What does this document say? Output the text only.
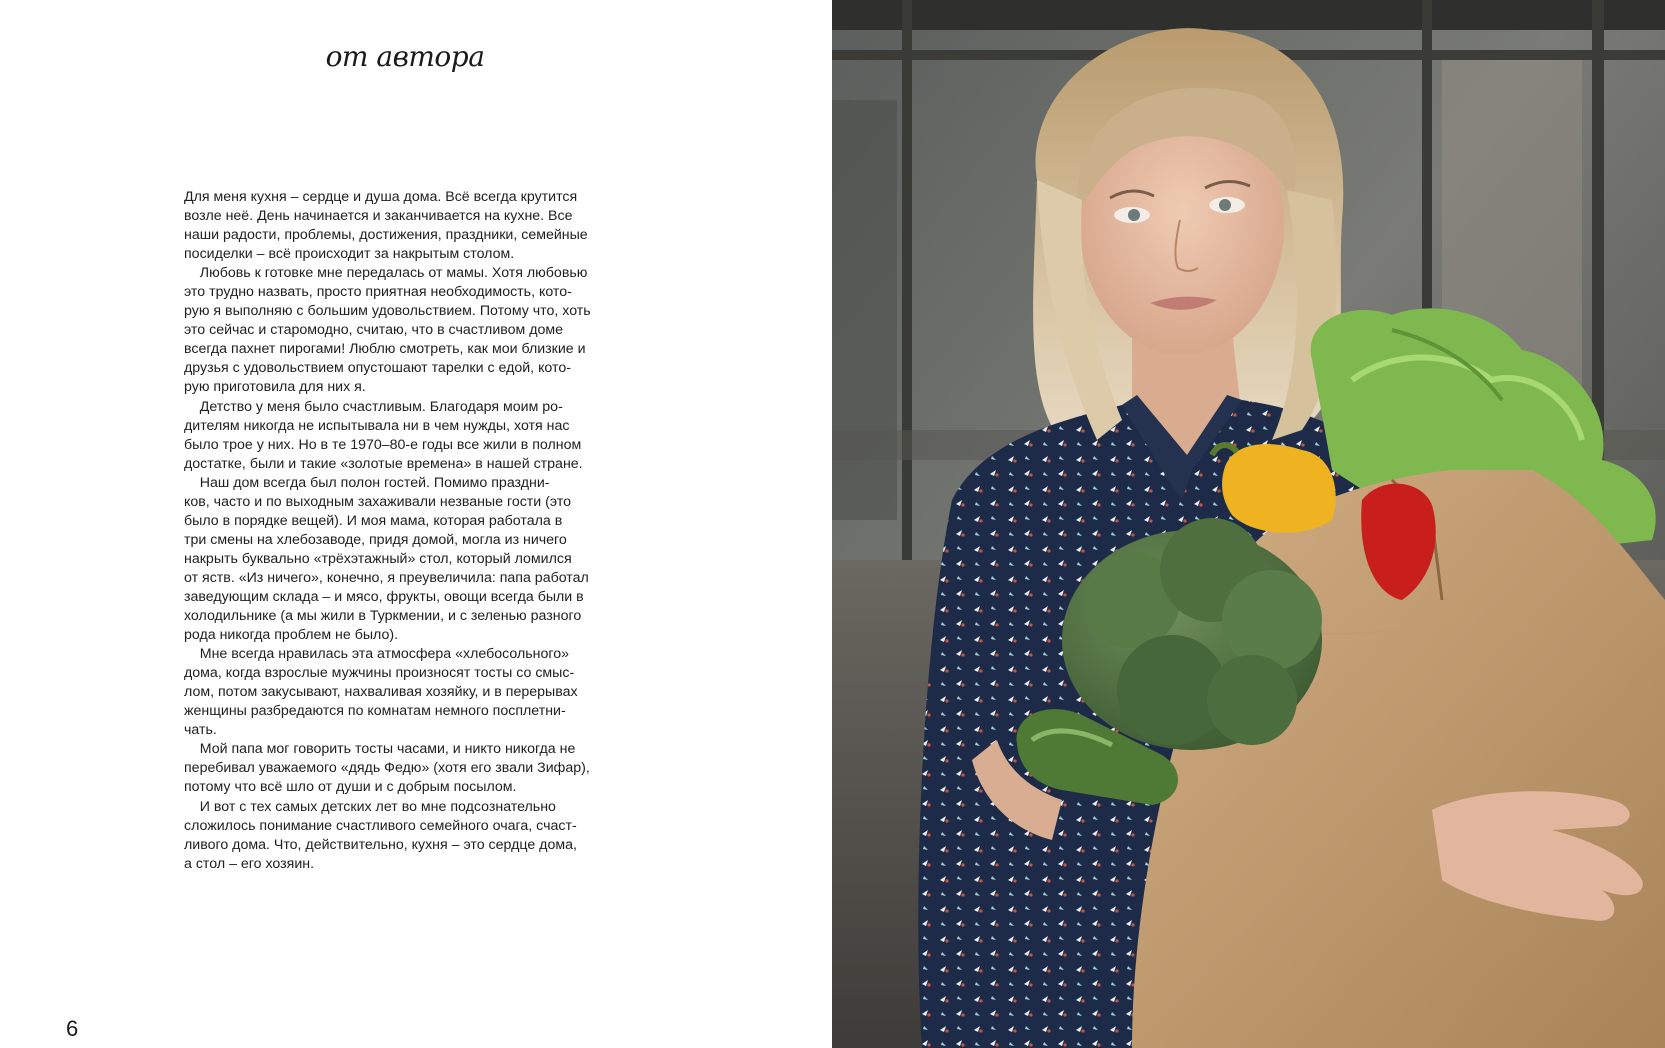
от автора
Для меня кухня – сердце и душа дома. Всё всегда крутится
возле неё. День начинается и заканчивается на кухне. Все
наши радости, проблемы, достижения, праздники, семейные
посиделки – всё происходит за накрытым столом.
Любовь к готовке мне передалась от мамы. Хотя любовью
это трудно назвать, просто приятная необходимость, кото-
рую я выполняю с большим удовольствием. Потому что, хоть
это сейчас и старомодно, считаю, что в счастливом доме
всегда пахнет пирогами! Люблю смотреть, как мои близкие и
друзья с удовольствием опустошают тарелки с едой, кото-
рую приготовила для них я.
Детство у меня было счастливым. Благодаря моим ро-
дителям никогда не испытывала ни в чем нужды, хотя нас
было трое у них. Но в те 1970–80-е годы все жили в полном
достатке, были и такие «золотые времена» в нашей стране.
Наш дом всегда был полон гостей. Помимо праздни-
ков, часто и по выходным захаживали незваные гости (это
было в порядке вещей). И моя мама, которая работала в
три смены на хлебозаводе, придя домой, могла из ничего
накрыть буквально «трёхэтажный» стол, который ломился
от яств. «Из ничего», конечно, я преувеличила: папа работал
заведующим склада – и мясо, фрукты, овощи всегда были в
холодильнике (а мы жили в Туркмении, и с зеленью разного
рода никогда проблем не было).
Мне всегда нравилась эта атмосфера «хлебосольного»
дома, когда взрослые мужчины произносят тосты со смыс-
лом, потом закусывают, нахваливая хозяйку, и в перерывах
женщины разбредаются по комнатам немного посплетни-
чать.
Мой папа мог говорить тосты часами, и никто никогда не
перебивал уважаемого «дядь Федю» (хотя его звали Зифар),
потому что всё шло от души и с добрым посылом.
И вот с тех самых детских лет во мне подсознательно
сложилось понимание счастливого семейного очага, счаст-
ливого дома. Что, действительно, кухня – это сердце дома,
а стол – его хозяин.
6
